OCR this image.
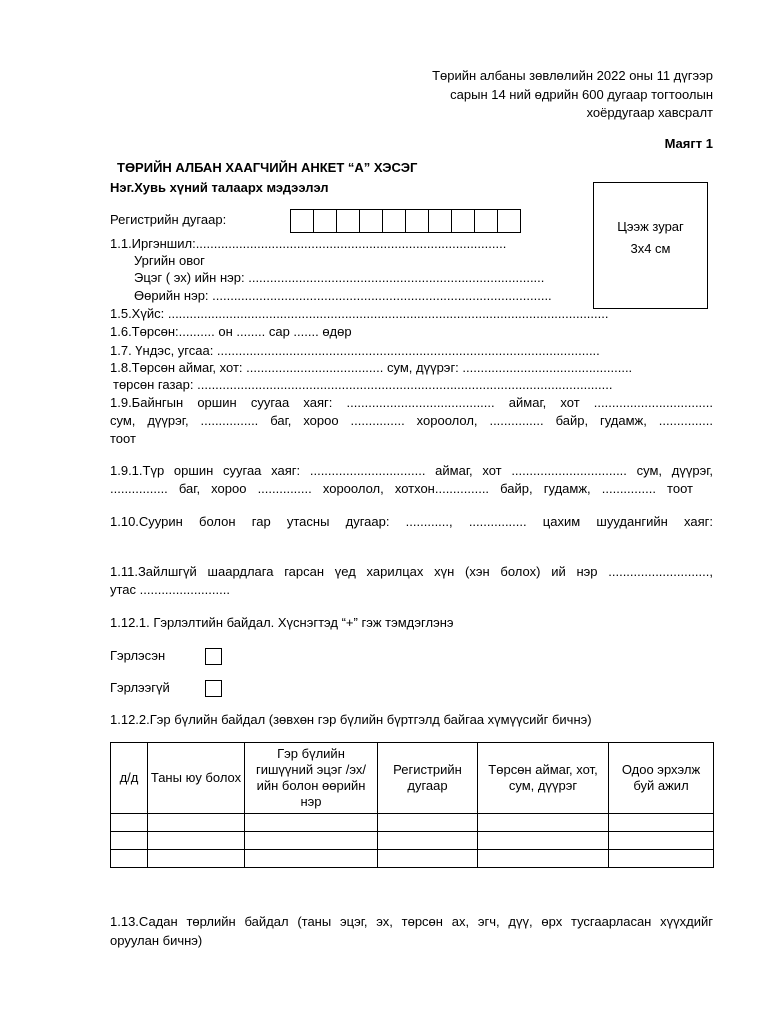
Төрийн албаны зөвлөлийн 2022 оны 11 дүгээр
сарын 14 ний өдрийн 600 дугаар тогтоолын
хоёрдугаар хавсралт
Маягт 1
ТӨРИЙН АЛБАН ХААГЧИЙН АНКЕТ “А” ХЭСЭГ
Нэг.Хувь хүний талаарх мэдээлэл
Цээж зураг
3х4 см
Регистрийн дугаар:
1.1.Иргэншил:......................................................................................
Ургийн овог
Эцэг ( эх) ийн нэр: ..................................................................................
Өөрийн нэр: ..............................................................................................
1.5.Хүйс: ..........................................................................................................................
1.6.Төрсөн:.......... он ........ сар ....... өдөр
1.7. Үндэс, угсаа: ..........................................................................................................
1.8.Төрсөн аймаг, хот: ...................................... сум, дүүрэг: ...............................................
төрсөн газар: ...................................................................................................................
1.9.Байнгын оршин суугаа хаяг: ......................................... аймаг, хот .................................
сум, дүүрэг, ................ баг, хороо ............... хороолол, ............... байр, гудамж, ...............
тоот
1.9.1.Түр оршин суугаа хаяг: ................................ аймаг, хот ................................ сум, дүүрэг,
................ баг, хороо ............... хороолол, хотхон............... байр, гудамж, ............... тоот
1.10.Суурин болон гар утасны дугаар: ............, ................ цахим шуудангийн хаяг:
1.11.Зайлшгүй шаардлага гарсан үед харилцах хүн (хэн болох) ий нэр ............................,
утас .........................
1.12.1. Гэрлэлтийн байдал. Хүснэгтэд “+” гэж тэмдэглэнэ
Гэрлэсэн
Гэрлээгүй
1.12.2.Гэр бүлийн байдал (зөвхөн гэр бүлийн бүртгэлд байгаа хүмүүсийг бичнэ)
д/д	Таны юу болох	Гэр бүлийн гишүүний эцэг /эх/ ийн болон өөрийн нэр	Регистрийн дугаар	Төрсөн аймаг, хот, сум, дүүрэг	Одоо эрхэлж буй ажил

1.13.Садан төрлийн байдал (таны эцэг, эх, төрсөн ах, эгч, дүү, өрх тусгаарласан хүүхдийг
оруулан бичнэ)
